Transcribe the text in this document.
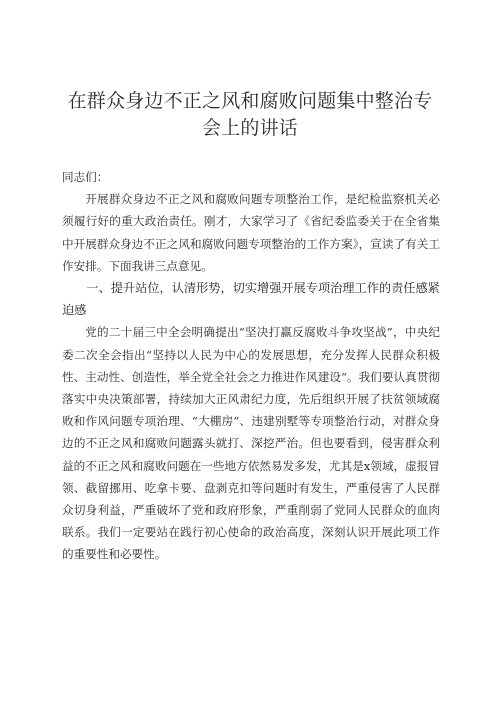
在群众身边不正之风和腐败问题集中整治专
会上的讲话

同志们：

开展群众身边不正之风和腐败问题专项整治工作，是纪检监察机关必须履行好的重大政治责任。刚才，大家学习了《省纪委监委关于在全省集中开展群众身边不正之风和腐败问题专项整治的工作方案》，宣读了有关工作安排。下面我讲三点意见。

一、提升站位，认清形势，切实增强开展专项治理工作的责任感紧迫感

党的二十届三中全会明确提出“坚决打赢反腐败斗争攻坚战”，中央纪委二次全会指出“坚持以人民为中心的发展思想，充分发挥人民群众积极性、主动性、创造性，举全党全社会之力推进作风建设“。我们要认真贯彻落实中央决策部署，持续加大正风肃纪力度，先后组织开展了扶贫领域腐败和作风问题专项治理、“大棚房”、违建别墅等专项整治行动，对群众身边的不正之风和腐败问题露头就打、深挖严治。但也要看到，侵害群众利益的不正之风和腐败问题在一些地方依然易发多发，尤其是x领域，虚报冒领、截留挪用、吃拿卡要、盘剥克扣等问题时有发生，严重侵害了人民群众切身利益，严重破坏了党和政府形象，严重削弱了党同人民群众的血肉联系。我们一定要站在践行初心使命的政治高度，深刻认识开展此项工作的重要性和必要性。
